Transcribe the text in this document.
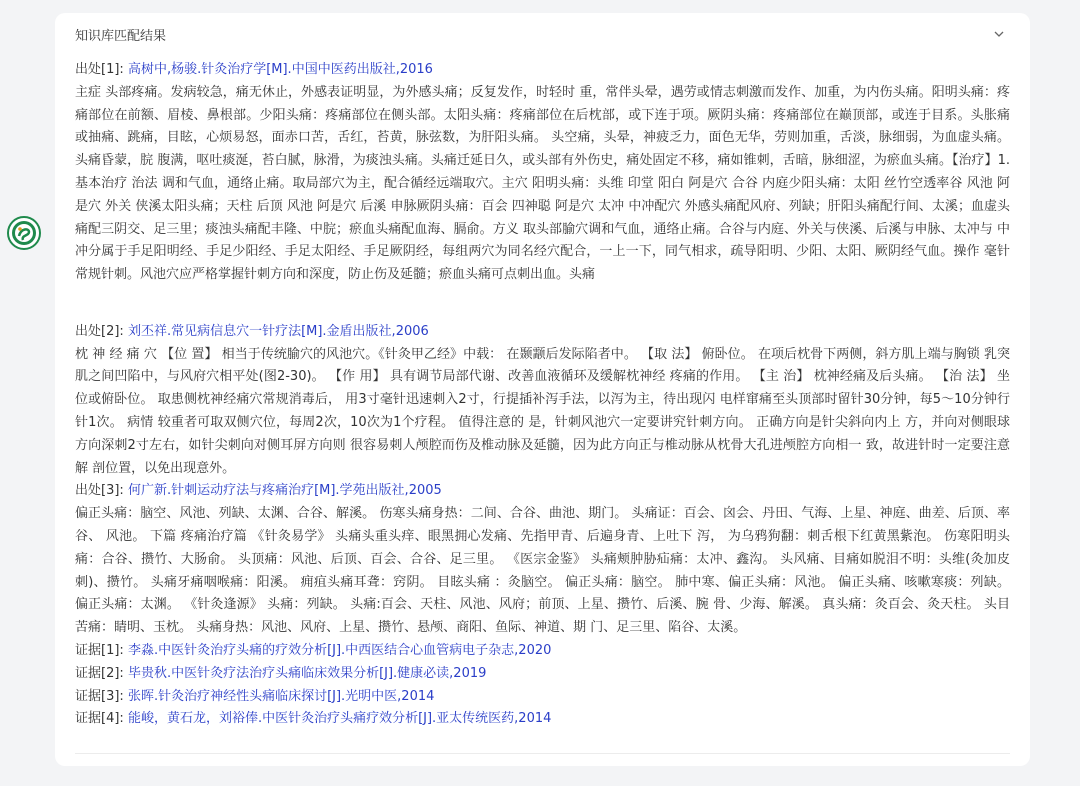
知识库匹配结果
出处[1]: 高树中,杨骏.针灸治疗学[M].中国中医药出版社,2016

主症 头部疼痛。发病较急，痛无休止，外感表证明显，为外感头痛；反复发作，时轻时 重，常伴头晕，遇劳或情志刺激而发作、加重，为内伤头痛。阳明头痛：疼痛部位在前额、眉棱、鼻根部。少阳头痛：疼痛部位在侧头部。太阳头痛：疼痛部位在后枕部，或下连于项。厥阴头痛：疼痛部位在巅顶部，或连于目系。头胀痛或抽痛、跳痛，目眩，心烦易怒，面赤口苦，舌红，苔黄，脉弦数，为肝阳头痛。 头空痛，头晕，神疲乏力，面色无华，劳则加重，舌淡，脉细弱，为血虚头痛。头痛昏蒙，脘 腹满，呕吐痰涎，苔白腻，脉滑，为痰浊头痛。头痛迁延日久，或头部有外伤史，痛处固定不移，痛如锥刺，舌暗，脉细涩，为瘀血头痛。【治疗】1. 基本治疗 治法 调和气血，通络止痛。取局部穴为主，配合循经远端取穴。主穴 阳明头痛：头维 印堂 阳白 阿是穴 合谷 内庭少阳头痛：太阳 丝竹空透率谷 风池 阿是穴 外关 侠溪太阳头痛；天柱 后顶 风池 阿是穴 后溪 申脉厥阴头痛：百会 四神聪 阿是穴 太冲 中冲配穴 外感头痛配风府、列缺；肝阳头痛配行间、太溪；血虚头痛配三阴交、足三里；痰浊头痛配丰隆、中脘；瘀血头痛配血海、膈俞。方义 取头部腧穴调和气血，通络止痛。合谷与内庭、外关与侠溪、后溪与申脉、太冲与 中冲分属于手足阳明经、手足少阳经、手足太阳经、手足厥阴经，每组两穴为同名经穴配合，一上一下，同气相求，疏导阳明、少阳、太阳、厥阴经气血。操作 毫针常规针刺。风池穴应严格掌握针刺方向和深度，防止伤及延髓；瘀血头痛可点刺出血。头痛

出处[2]: 刘丕祥.常见病信息穴一针疗法[M].金盾出版社,2006

枕 神 经 痛 穴 【位 置】 相当于传统腧穴的风池穴。《针灸甲乙经》中载： 在颞颥后发际陷者中。 【取 法】 俯卧位。 在项后枕骨下两侧，斜方肌上端与胸锁 乳突肌之间凹陷中，与风府穴相平处(图2-30)。 【作 用】 具有调节局部代谢、改善血液循环及缓解枕神经 疼痛的作用。 【主 治】 枕神经痛及后头痛。 【治 法】 坐位或俯卧位。 取患侧枕神经痛穴常规消毒后， 用3寸毫针迅速刺入2寸，行提插补泻手法，以泻为主，待出现闪 电样窜痛至头顶部时留针30分钟，每5～10分钟行针1次。 病情 较重者可取双侧穴位，每周2次，10次为1个疗程。 值得注意的 是，针刺风池穴一定要讲究针刺方向。 正确方向是针尖斜向内上 方，并向对侧眼球方向深刺2寸左右，如针尖刺向对侧耳屏方向则 很容易刺人颅腔而伤及椎动脉及延髓，因为此方向正与椎动脉从枕骨大孔进颅腔方向相一 致，故进针时一定要注意解 剖位置，以免出现意外。

出处[3]: 何广新.针刺运动疗法与疼痛治疗[M].学苑出版社,2005

偏正头痛：脑空、风池、列缺、太渊、合谷、解溪。 伤寒头痛身热：二间、合谷、曲池、期门。 头痛证：百会、囟会、丹田、气海、上星、神庭、曲差、后顶、率谷、 风池。 下篇 疼痛治疗篇 《针灸易学》 头痛头重头痒、眼黑拥心发痛、先指甲青、后遍身青、上吐下 泻， 为乌鸦狗翻：刺舌根下红黄黑紫泡。 伤寒阳明头痛：合谷、攒竹、大肠俞。 头顶痛：风池、后顶、百会、合谷、足三里。 《医宗金鉴》 头痛颊肿胁疝痛：太冲、鑫沟。 头风痛、目痛如脱泪不明：头维(灸加皮刺)、攒竹。 头痛牙痛咽喉痛：阳溪。 痈疽头痛耳聋：窍阴。 目眩头痛 ：灸脑空。 偏正头痛：脑空。 肺中寒、偏正头痛：风池。 偏正头痛、咳嗽寒痰：列缺。 偏正头痛：太渊。 《针灸逢源》 头痛：列缺。 头痛:百会、天柱、风池、风府；前顶、上星、攒竹、后溪、腕 骨、少海、解溪。 真头痛：灸百会、灸天柱。 头目苦痛：睛明、玉枕。 头痛身热：风池、风府、上星、攒竹、悬颅、商阳、鱼际、神道、期 门、足三里、陷谷、太溪。

证据[1]: 李淼.中医针灸治疗头痛的疗效分析[J].中西医结合心血管病电子杂志,2020
证据[2]: 毕贵秋.中医针灸疗法治疗头痛临床效果分析[J].健康必读,2019
证据[3]: 张晖.针灸治疗神经性头痛临床探讨[J].光明中医,2014
证据[4]: 能峻，黄石龙，刘裕俸.中医针灸治疗头痛疗效分析[J].亚太传统医药,2014
